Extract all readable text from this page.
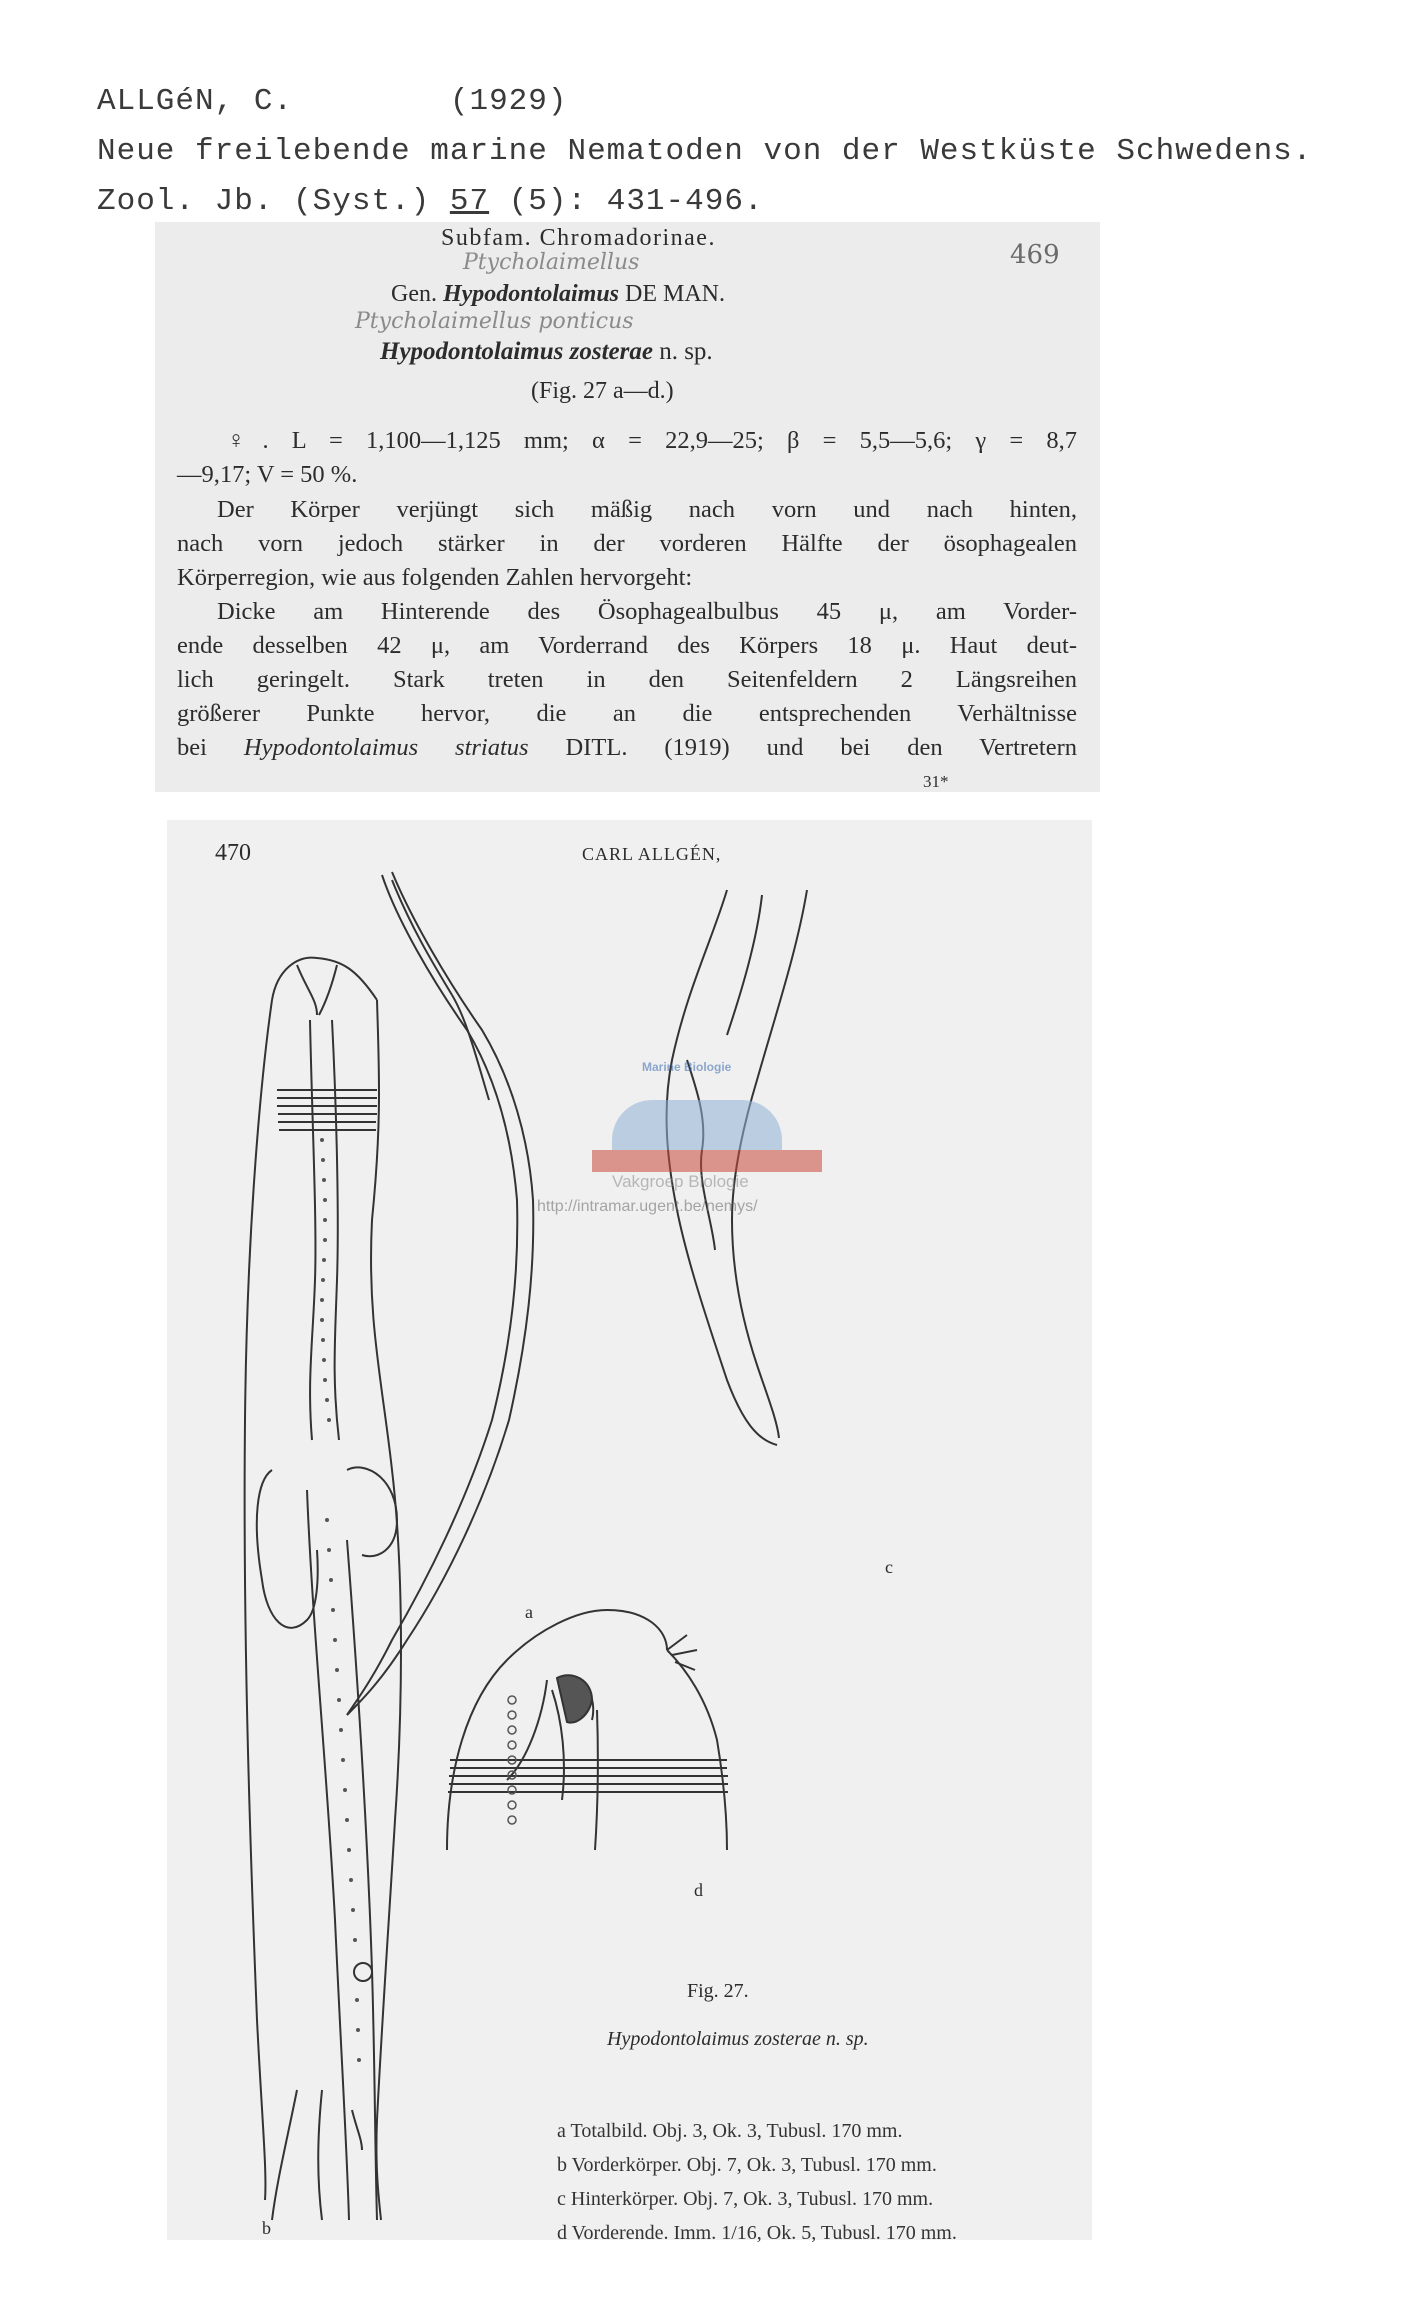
ALLGéN, C.	(1929)
Neue freilebende marine Nematoden von der Westküste Schwedens.
Zool. Jb. (Syst.) 57 (5): 431-496.
Subfam. Chromadorinae.
Ptycholaimellus	469
Gen. Hypodontolaimus DE MAN.
Ptycholaimellus ponticus
Hypodontolaimus zosterae n. sp.
(Fig. 27 a—d.)
♀. L = 1,100—1,125 mm; α = 22,9—25; β = 5,5—5,6; γ = 8,7
—9,17; V = 50 %.
Der Körper verjüngt sich mäßig nach vorn und nach hinten,
nach vorn jedoch stärker in der vorderen Hälfte der ösophagealen
Körperregion, wie aus folgenden Zahlen hervorgeht:
Dicke am Hinterende des Ösophagealbulbus 45 μ, am Vorder-
ende desselben 42 μ, am Vorderrand des Körpers 18 μ. Haut deut-
lich geringelt. Stark treten in den Seitenfeldern 2 Längsreihen
größerer Punkte hervor, die an die entsprechenden Verhältnisse
bei Hypodontolaimus striatus DITL. (1919) und bei den Vertretern
31*
470	CARL ALLGÉN,
Marine Biologie
Vakgroep Biologie
http://intramar.ugent.be/nemys/
a
c
d
b
Fig. 27.
Hypodontolaimus zosterae n. sp.
a Totalbild. Obj. 3, Ok. 3, Tubusl. 170 mm.
b Vorderkörper. Obj. 7, Ok. 3, Tubusl. 170 mm.
c Hinterkörper. Obj. 7, Ok. 3, Tubusl. 170 mm.
d Vorderende. Imm. 1/16, Ok. 5, Tubusl. 170 mm.
